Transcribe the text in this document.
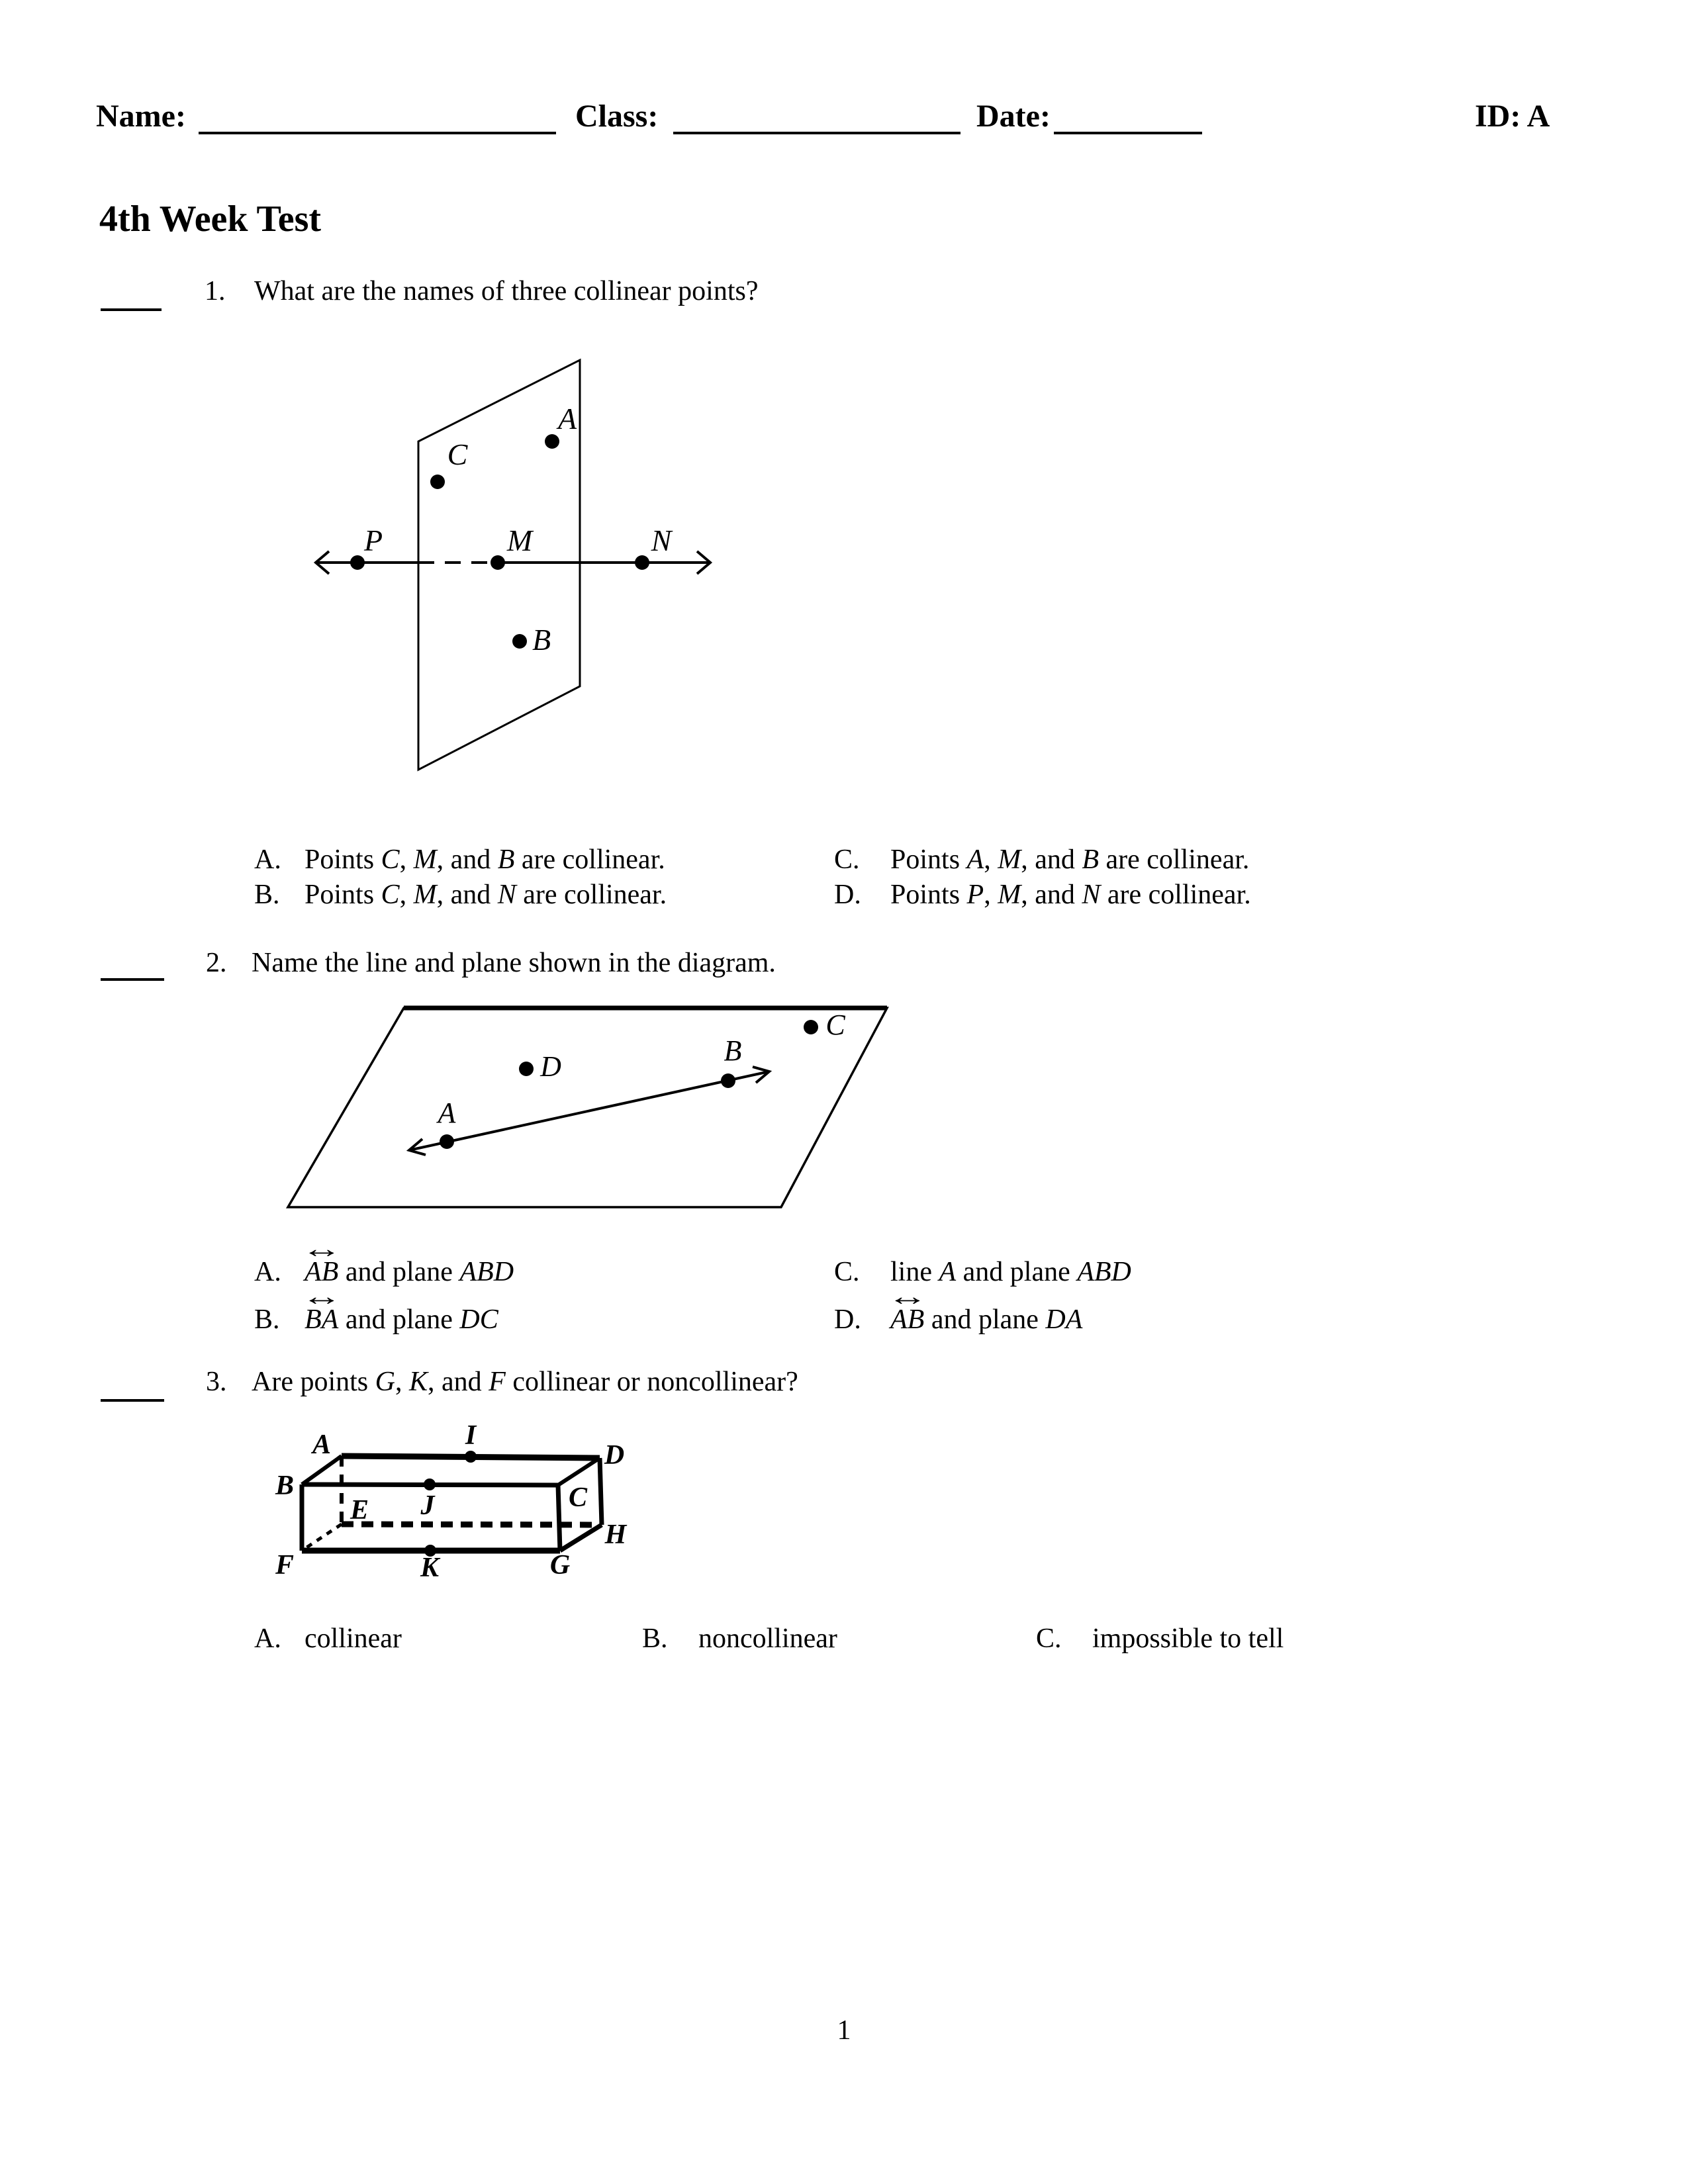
Name:	Class:	Date:	ID: A
4th Week Test
1. What are the names of three collinear points?
P	M	N
A
C
B
A. Points C, M, and B are collinear.
B. Points C, M, and N are collinear.
C. Points A, M, and B are collinear.
D. Points P, M, and N are collinear.
2. Name the line and plane shown in the diagram.
A
B
C
D
A.
↔
AB and plane ABD
B.
↔
BA and plane DC
C. line A and plane ABD
D.
↔
AB and plane DA
3. Are points G, K, and F collinear or noncollinear?
A
B	C
D
E
F	G
H
I
J
K
A. collinear	B. noncollinear	C. impossible to tell
1
